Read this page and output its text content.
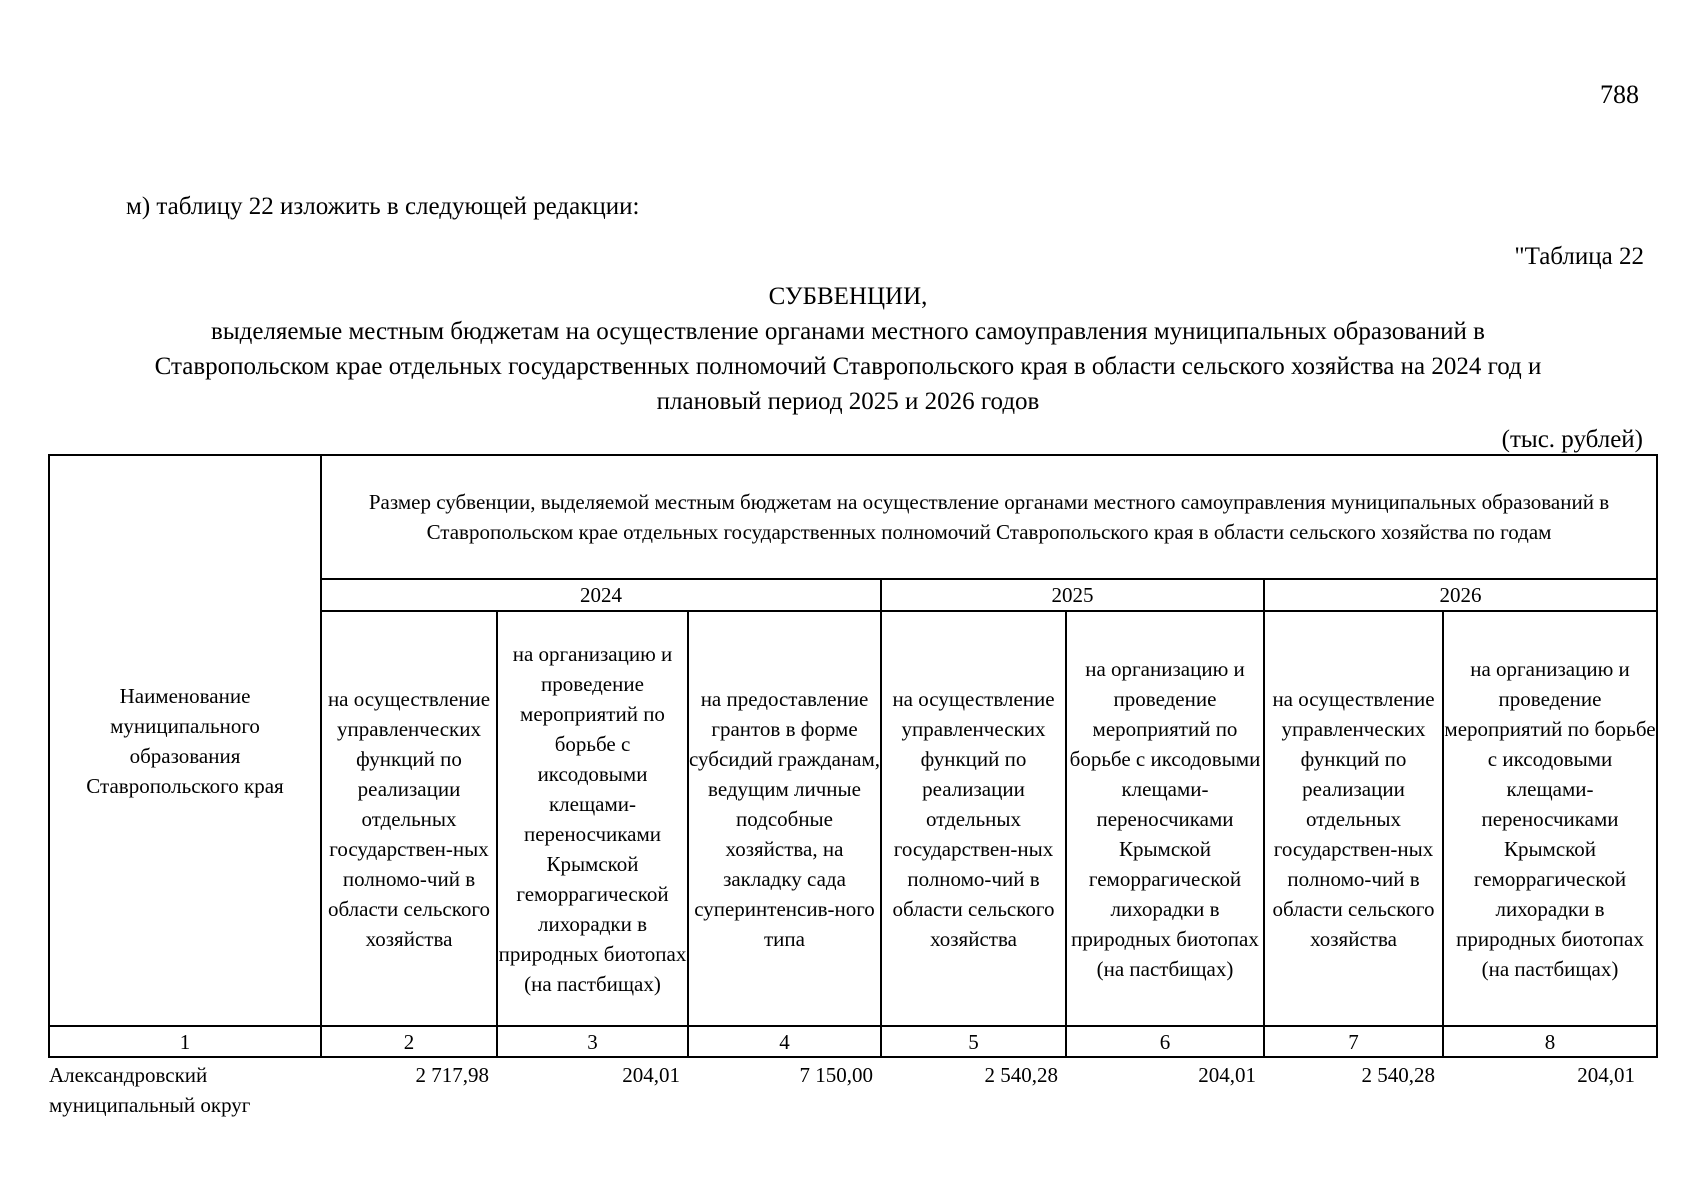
788
м) таблицу 22 изложить в следующей редакции:
"Таблица 22
СУБВЕНЦИИ,
выделяемые местным бюджетам на осуществление органами местного самоуправления муниципальных образований в
Ставропольском крае отдельных государственных полномочий Ставропольского края в области сельского хозяйства на 2024 год и
плановый период 2025 и 2026 годов
(тыс. рублей)
Наименование муниципального образования Ставропольского края	Размер субвенции, выделяемой местным бюджетам на осуществление органами местного самоуправления муниципальных образований в Ставропольском крае отдельных государственных полномочий Ставропольского края в области сельского хозяйства по годам						
	2024			2025		2026	
	на осуществление управленческих функций по реализации отдельных государствен-ных полномо-чий в области сельского хозяйства	на организацию и проведение мероприятий по борьбе с иксодовыми клещами-переносчиками Крымской геморрагической лихорадки в природных биотопах (на пастбищах)	на предоставление грантов в форме субсидий гражданам, ведущим личные подсобные хозяйства, на закладку сада суперинтенсив-ного типа	на осуществление управленческих функций по реализации отдельных государствен-ных полномо-чий в области сельского хозяйства	на организацию и проведение мероприятий по борьбе с иксодовыми клещами-переносчиками Крымской геморрагической лихорадки в природных биотопах (на пастбищах)	на осуществление управленческих функций по реализации отдельных государствен-ных полномо-чий в области сельского хозяйства	на организацию и проведение мероприятий по борьбе с иксодовыми клещами-переносчиками Крымской геморрагической лихорадки в природных биотопах (на пастбищах)
1	2	3	4	5	6	7	8
Александровский муниципальный округ	2 717,98	204,01	7 150,00	2 540,28	204,01	2 540,28	204,01
